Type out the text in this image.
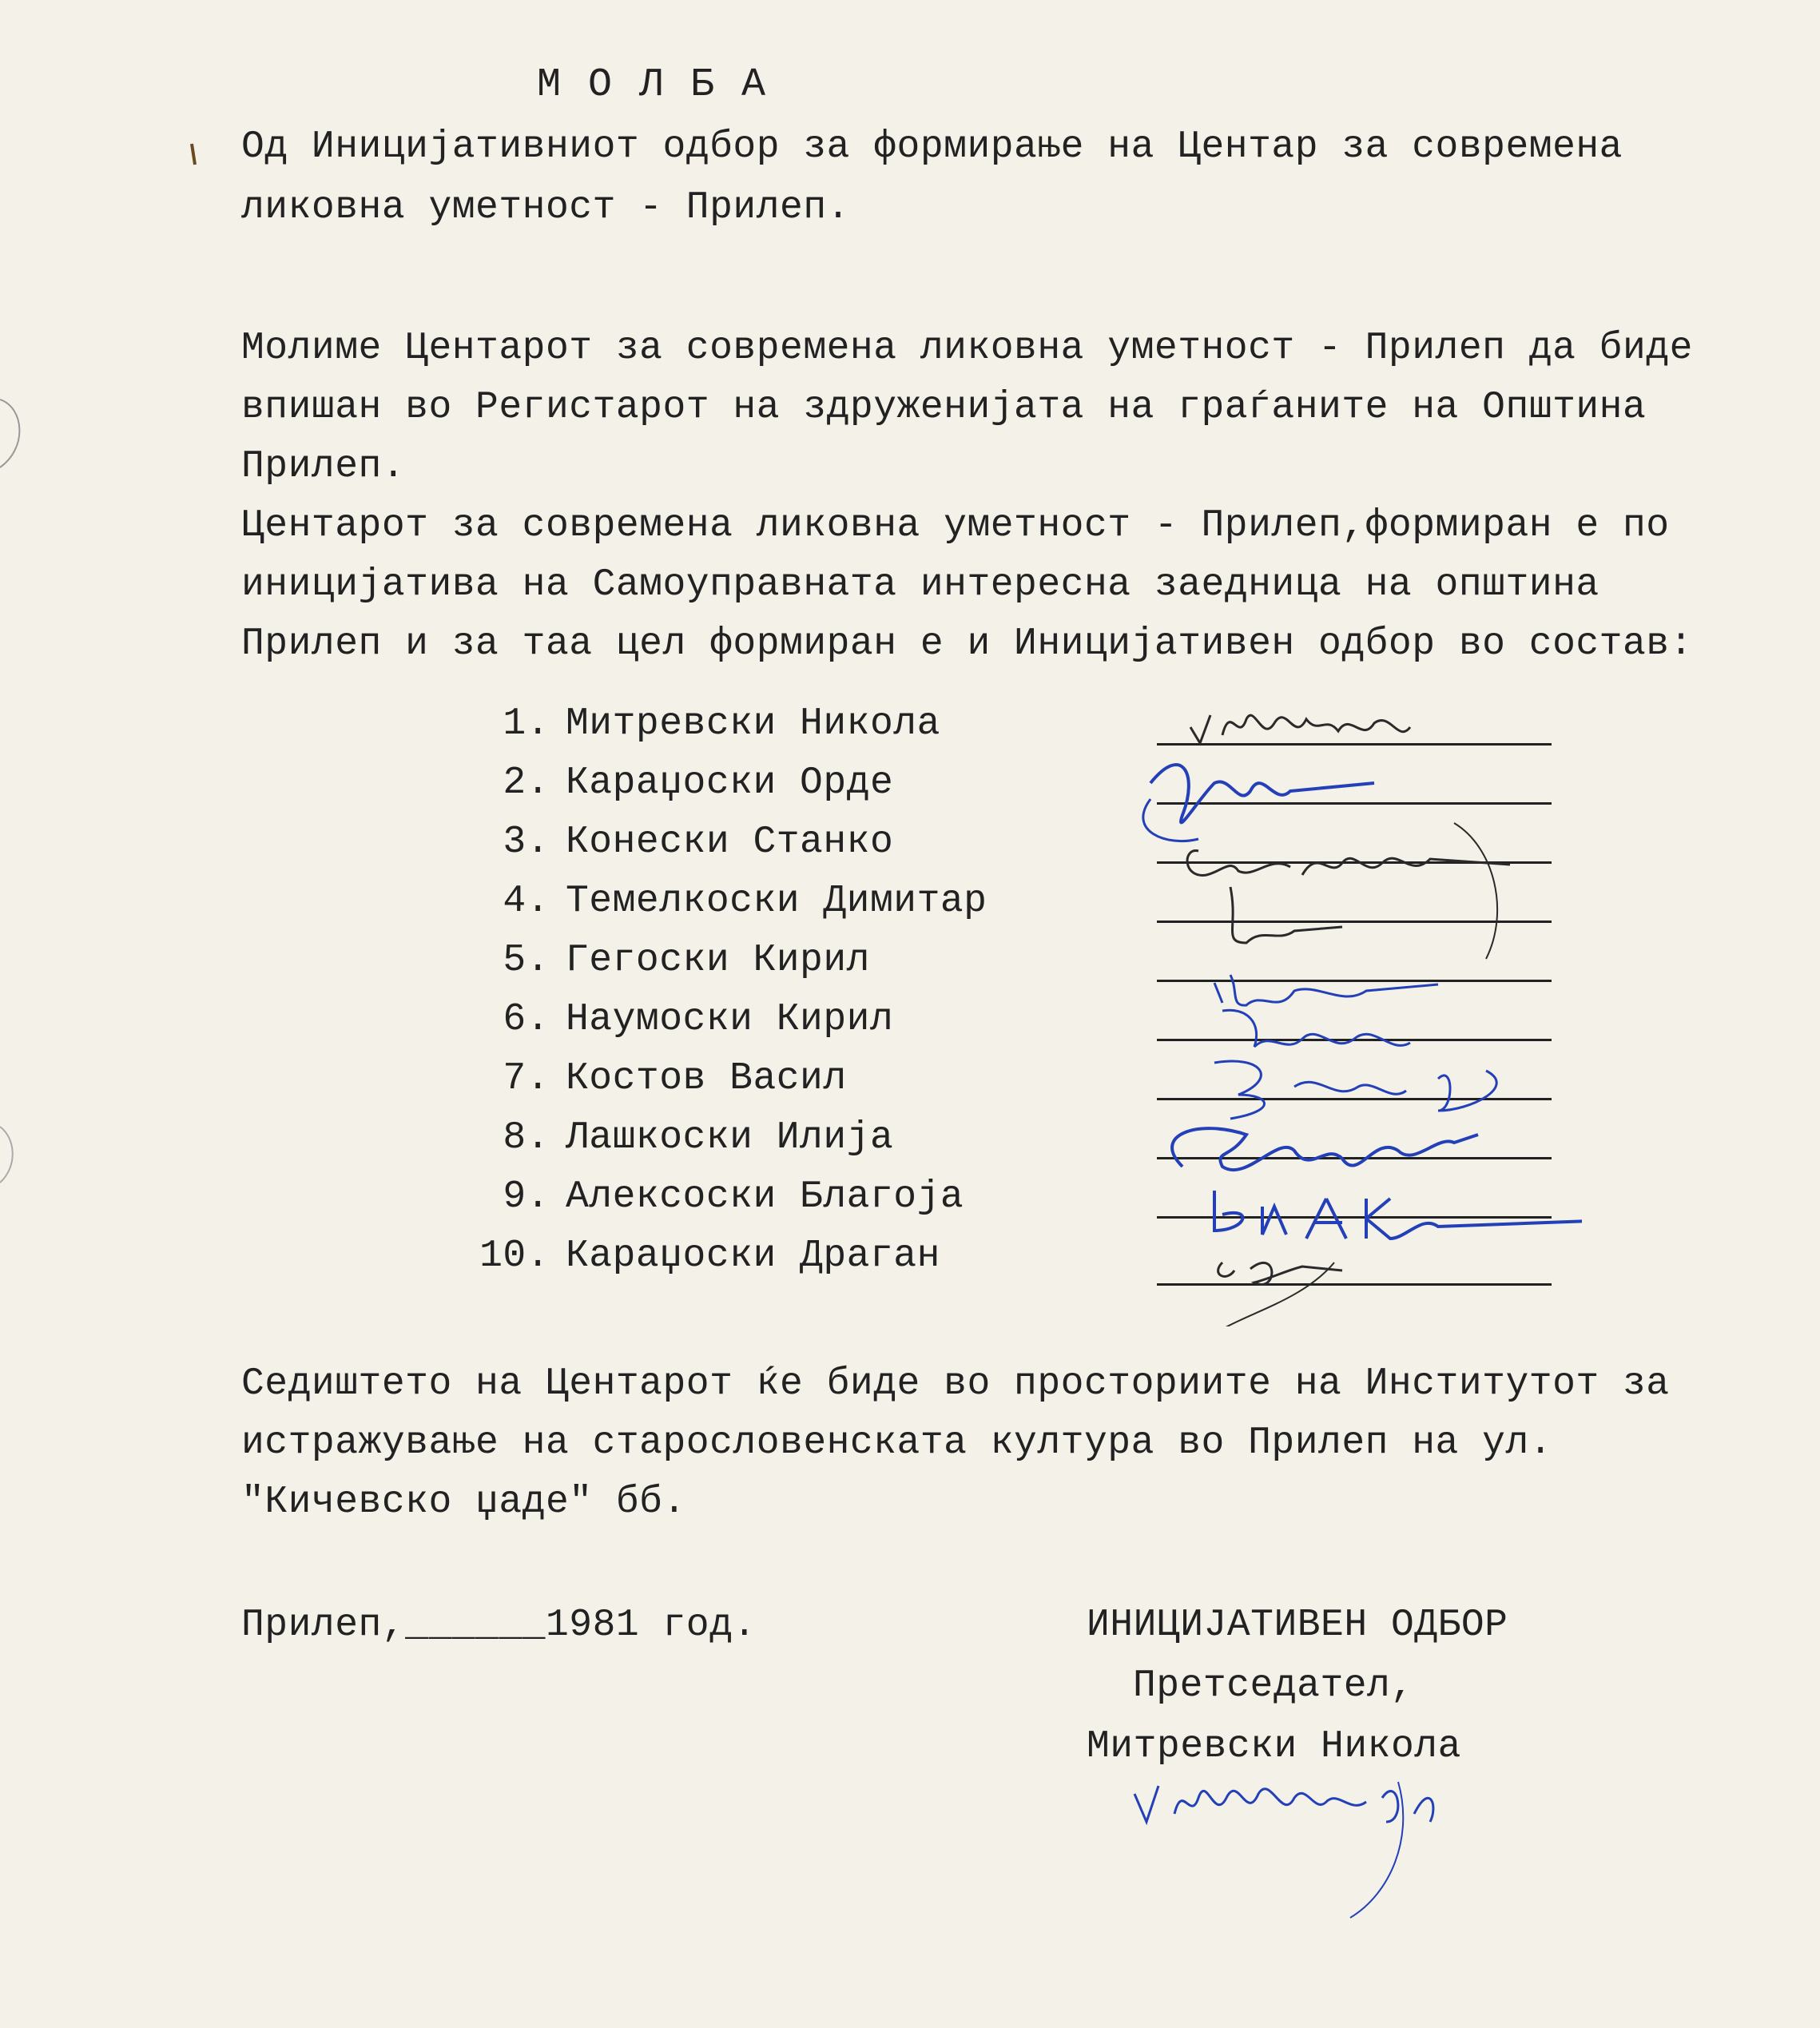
МОЛБА
Од Иницијативниот одбор за формирање на Центар за современа
ликовна уметност - Прилеп.
Молиме Центарот за современа ликовна уметност - Прилеп да биде
впишан во Регистарот на здруженијата на граѓаните на Општина
Прилеп.
Центарот за современа ликовна уметност - Прилеп,формиран е по
иницијатива на Самоуправната интересна заедница на општина
Прилеп и за таа цел формиран е и Иницијативен одбор во состав:
1. Митревски Никола
2. Караџоски Орде
3. Конески Станко
4. Темелкоски Димитар
5. Гегоски Кирил
6. Наумоски Кирил
7. Костов Васил
8. Лашкоски Илија
9. Алексоски Благоја
10. Караџоски Драган
Седиштето на Центарот ќе биде во просториите на Институтот за
истражување на старословенската култура во Прилеп на ул.
"Кичевско џаде" бб.
Прилеп,______1981 год.	ИНИЦИЈАТИВЕН ОДБОР
Претседател,
Митревски Никола
